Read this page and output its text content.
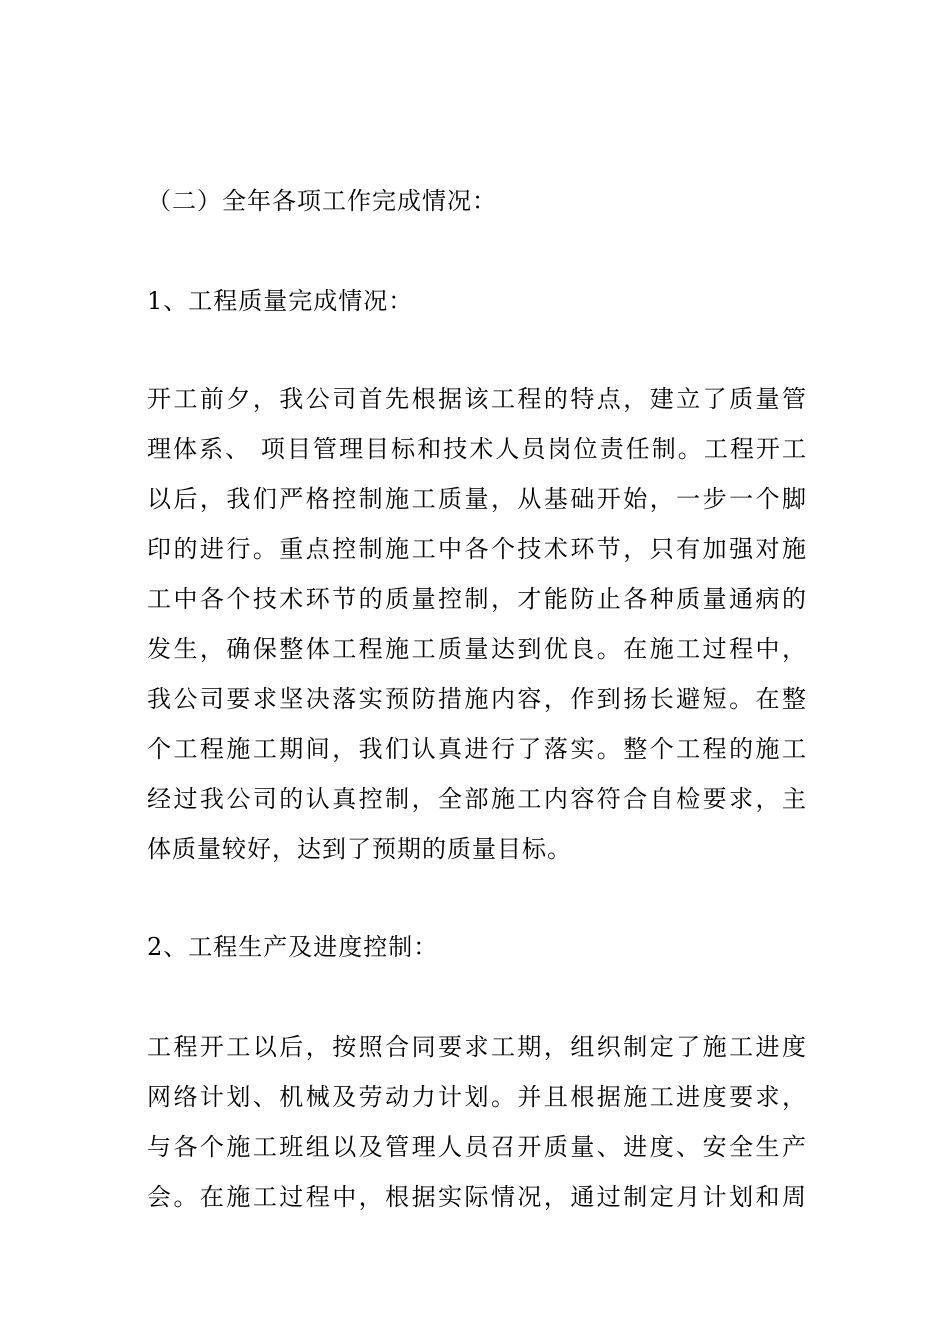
（二）全年各项工作完成情况：
1、工程质量完成情况：
开工前夕，我公司首先根据该工程的特点，建立了质量管
理体系、 项目管理目标和技术人员岗位责任制。工程开工
以后，我们严格控制施工质量，从基础开始，一步一个脚
印的进行。重点控制施工中各个技术环节，只有加强对施
工中各个技术环节的质量控制，才能防止各种质量通病的
发生，确保整体工程施工质量达到优良。在施工过程中，
我公司要求坚决落实预防措施内容，作到扬长避短。在整
个工程施工期间，我们认真进行了落实。整个工程的施工
经过我公司的认真控制，全部施工内容符合自检要求，主
体质量较好，达到了预期的质量目标。
2、工程生产及进度控制：
工程开工以后，按照合同要求工期，组织制定了施工进度
网络计划、机械及劳动力计划。并且根据施工进度要求，
与各个施工班组以及管理人员召开质量、进度、安全生产
会。在施工过程中，根据实际情况，通过制定月计划和周
